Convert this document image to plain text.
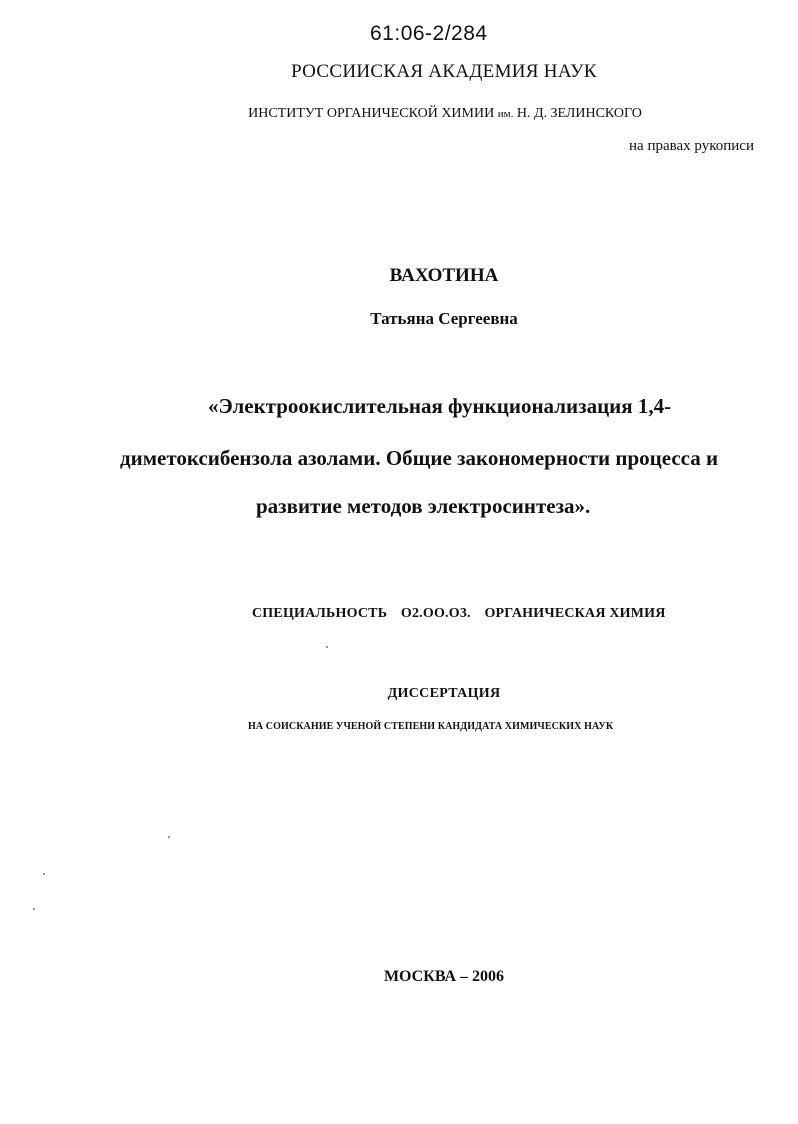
61:06-2/284
РОССИИСКАЯ АКАДЕМИЯ НАУК
ИНСТИТУТ ОРГАНИЧЕСКОЙ ХИМИИ им. Н. Д. ЗЕЛИНСКОГО
на правах рукописи
ВАХОТИНА
Татьяна Сергеевна
«Электроокислительная функционализация 1,4-
диметоксибензола азолами. Общие закономерности процесса и
развитие методов электросинтеза».
СПЕЦИАЛЬНОСТЬ О2.ОО.О3. ОРГАНИЧЕСКАЯ ХИМИЯ
ДИССЕРТАЦИЯ
НА СОИСКАНИЕ УЧЕНОЙ СТЕПЕНИ КАНДИДАТА ХИМИЧЕСКИХ НАУК
МОСКВА – 2006
